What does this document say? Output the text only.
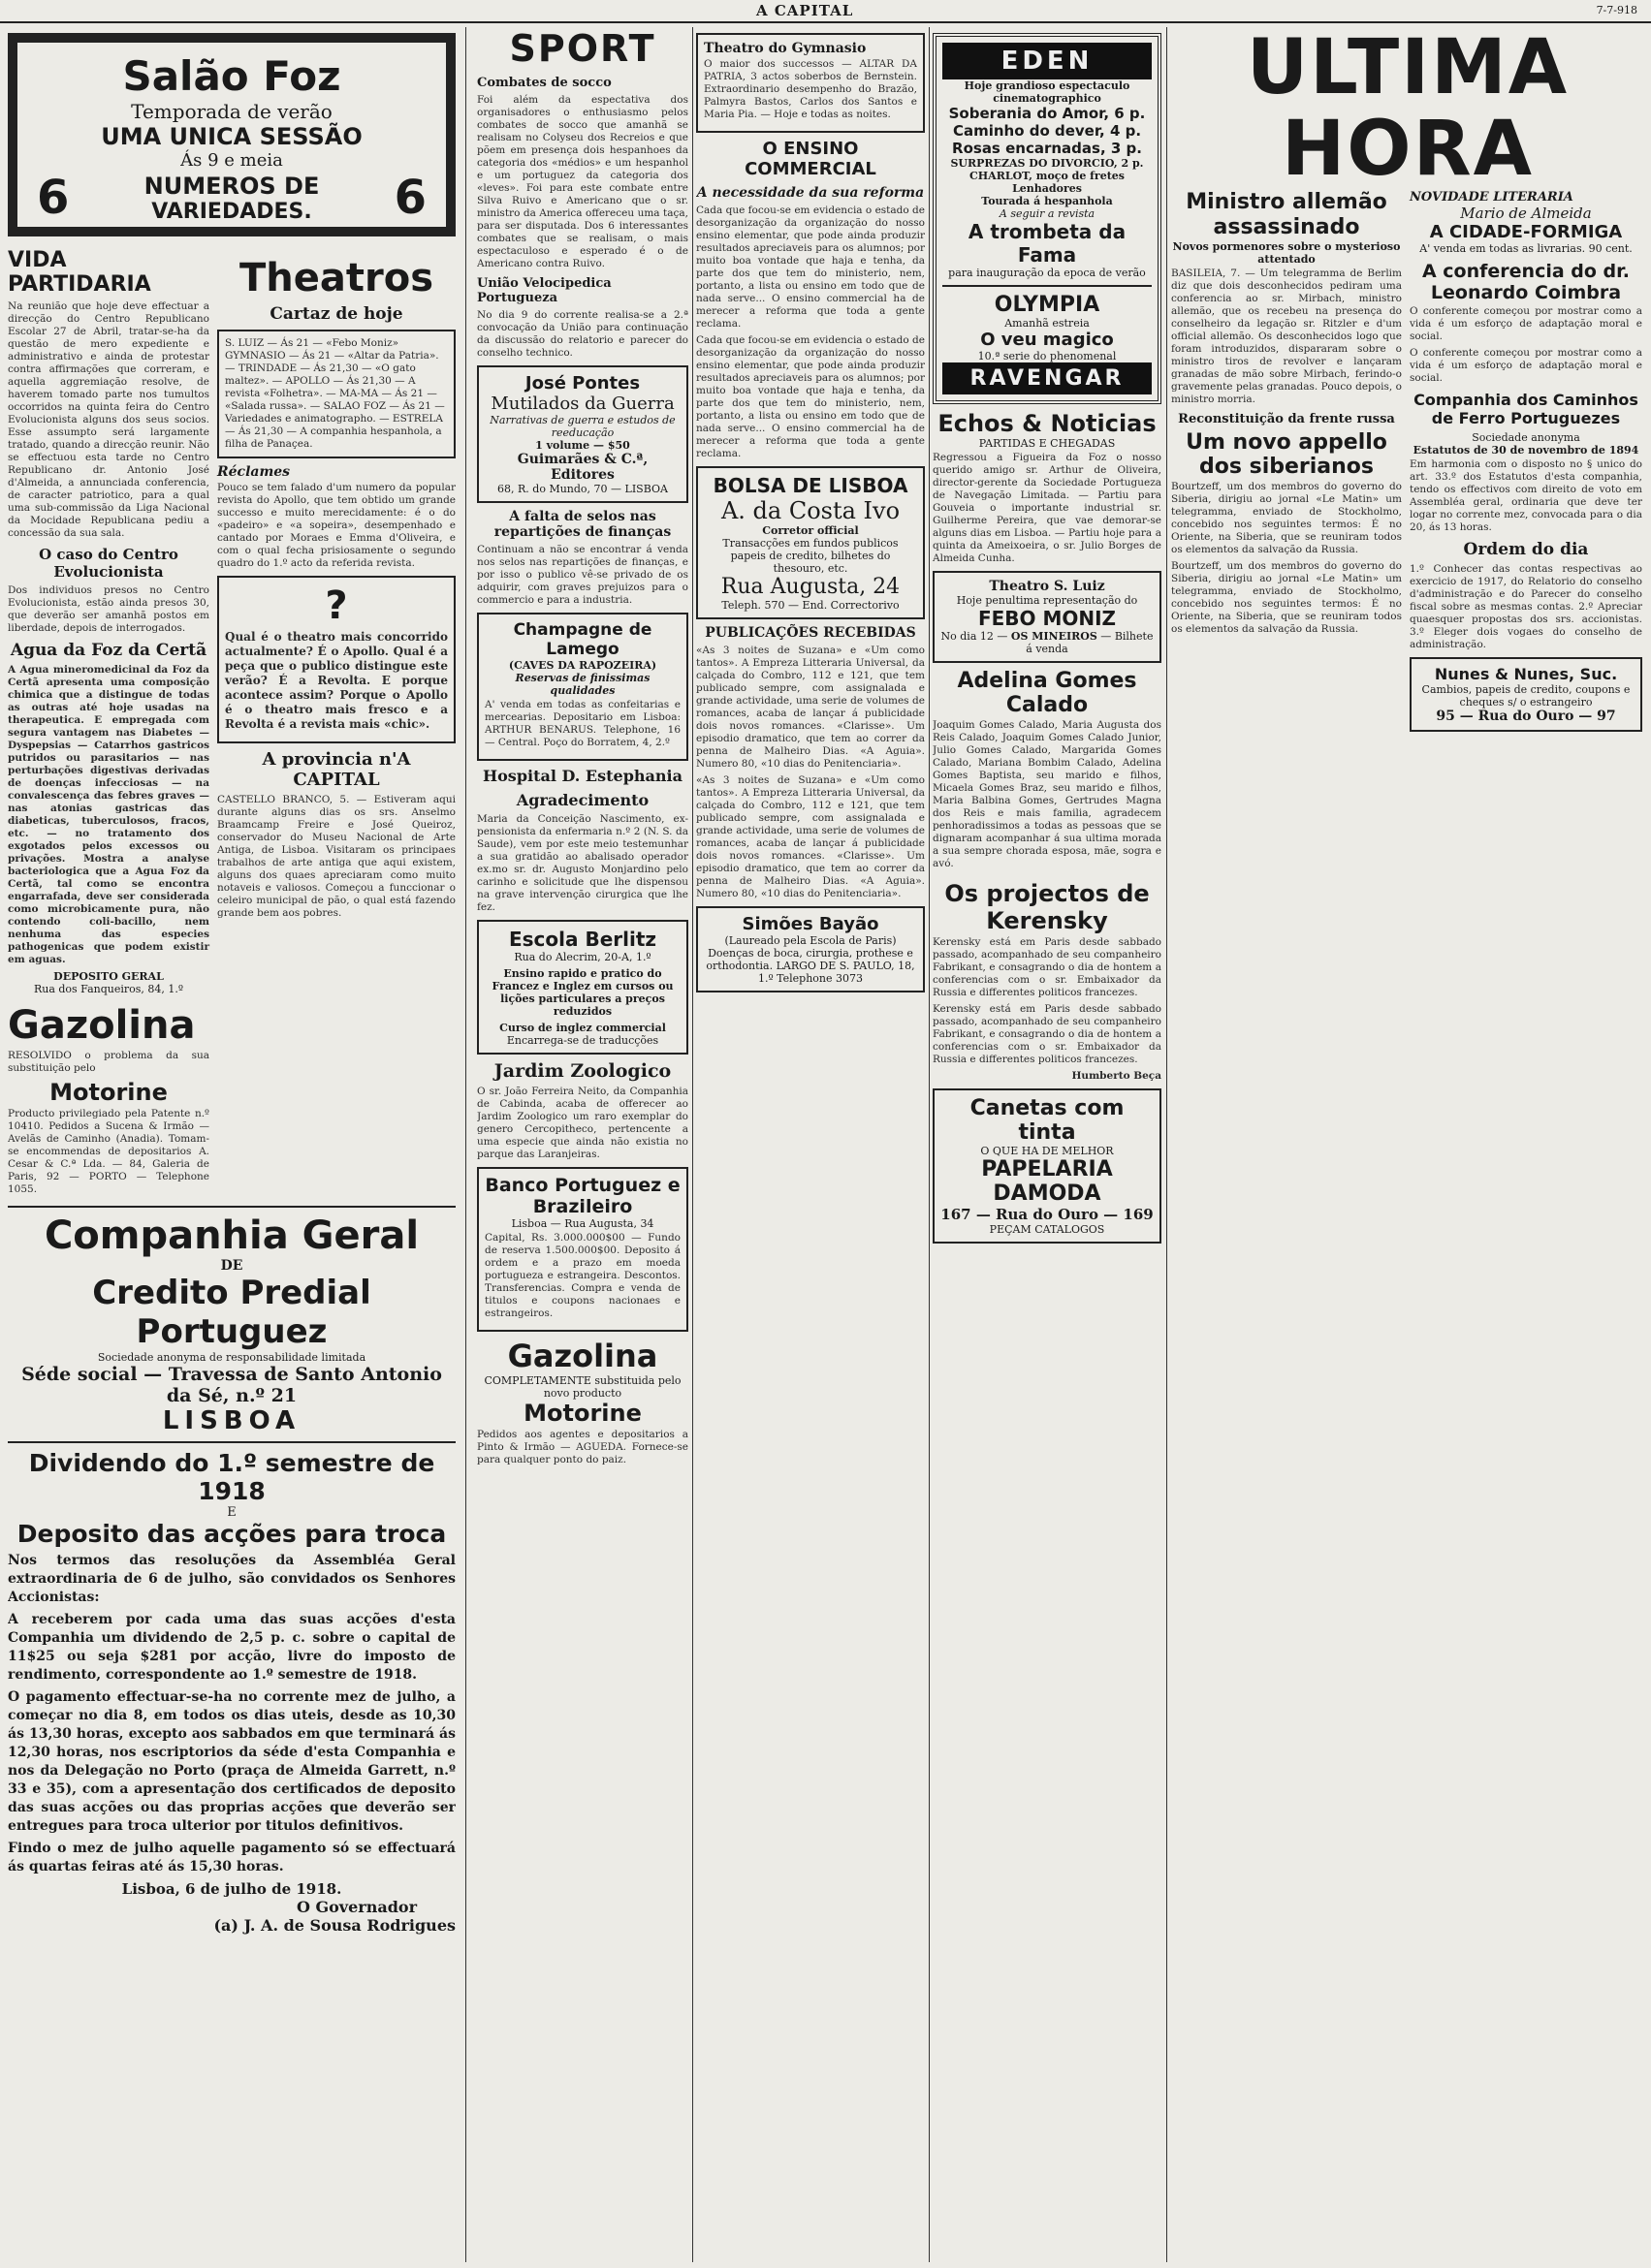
A CAPITAL	7-7-918
Salão Foz
Temporada de verão
UMA UNICA SESSÃO
Ás 9 e meia
6	NUMEROS DE
VARIEDADES. 6
VIDA PARTIDARIA
Na reunião que hoje deve effectuar a direcção do Centro Republicano Escolar 27 de Abril, tratar-se-ha da questão de mero expediente e administrativo e ainda de protestar contra affirmações que correram, e aquella aggremiação resolve, de haverem tomado parte nos tumultos occorridos na quinta feira do Centro Evolucionista alguns dos seus socios. Esse assumpto será largamente tratado, quando a direcção reunir. Não se effectuou esta tarde no Centro Republicano dr. Antonio José d'Almeida, a annunciada conferencia, de caracter patriotico, para a qual uma sub-commissão da Liga Nacional da Mocidade Republicana pediu a concessão da sua sala.
O caso do Centro Evolucionista
Dos individuos presos no Centro Evolucionista, estão ainda presos 30, que deverão ser amanhã postos em liberdade, depois de interrogados.
Agua da Foz da Certã
A Agua mineromedicinal da Foz da Certã apresenta uma composição chimica que a distingue de todas as outras até hoje usadas na therapeutica. E empregada com segura vantagem nas Diabetes — Dyspepsias — Catarrhos gastricos putridos ou parasitarios — nas perturbações digestivas derivadas de doenças infecciosas — na convalescença das febres graves — nas atonias gastricas das diabeticas, tuberculosos, fracos, etc. — no tratamento dos exgotados pelos excessos ou privações. Mostra a analyse bacteriologica que a Agua Foz da Certã, tal como se encontra engarrafada, deve ser considerada como microbicamente pura, não contendo coli-bacillo, nem nenhuma das especies pathogenicas que podem existir em aguas.
DEPOSITO GERAL
Rua dos Fanqueiros, 84, 1.º
Gazolina
RESOLVIDO o problema da sua substituição pelo
Motorine
Producto privilegiado pela Patente n.º 10410. Pedidos a Sucena & Irmão — Avelãs de Caminho (Anadia). Tomam-se encommendas de depositarios A. Cesar & C.ª Lda. — 84, Galeria de Paris, 92 — PORTO — Telephone 1055.
Theatros
Cartaz de hoje
S. LUIZ — Ás 21 — «Febo Moniz» GYMNASIO — Ás 21 — «Altar da Patria». — TRINDADE — Ás 21,30 — «O gato maltez». — APOLLO — Ás 21,30 — A revista «Folhetra». — MA-MA — Ás 21 — «Salada russa». — SALAO FOZ — Ás 21 — Variedades e animatographo. — ESTRELA — Ás 21,30 — A companhia hespanhola, a filha de Panaçea.
Réclames
Pouco se tem falado d'um numero da popular revista do Apollo, que tem obtido um grande successo e muito merecidamente: é o do «padeiro» e «a sopeira», desempenhado e cantado por Moraes e Emma d'Oliveira, e com o qual fecha prisiosamente o segundo quadro do 1.º acto da referida revista.
?
Qual é o theatro mais concorrido actualmente? É o Apollo. Qual é a peça que o publico distingue este verão? É a Revolta. E porque acontece assim? Porque o Apollo é o theatro mais fresco e a Revolta é a revista mais «chic».
A provincia n'A CAPITAL
CASTELLO BRANCO, 5. — Estiveram aqui durante alguns dias os srs. Anselmo Braamcamp Freire e José Queiroz, conservador do Museu Nacional de Arte Antiga, de Lisboa. Visitaram os principaes trabalhos de arte antiga que aqui existem, alguns dos quaes apreciaram como muito notaveis e valiosos. Começou a funccionar o celeiro municipal de pão, o qual está fazendo grande bem aos pobres.
Companhia Geral
DE
Credito Predial Portuguez
Sociedade anonyma de responsabilidade limitada
Séde social — Travessa de Santo Antonio da Sé, n.º 21
LISBOA
Dividendo do 1.º semestre de 1918
E
Deposito das acções para troca
Nos termos das resoluções da Assembléa Geral extraordinaria de 6 de julho, são convidados os Senhores Accionistas:
A receberem por cada uma das suas acções d'esta Companhia um dividendo de 2,5 p. c. sobre o capital de 11$25 ou seja $281 por acção, livre do imposto de rendimento, correspondente ao 1.º semestre de 1918.
O pagamento effectuar-se-ha no corrente mez de julho, a começar no dia 8, em todos os dias uteis, desde as 10,30 ás 13,30 horas, excepto aos sabbados em que terminará ás 12,30 horas, nos escriptorios da séde d'esta Companhia e nos da Delegação no Porto (praça de Almeida Garrett, n.º 33 e 35), com a apresentação dos certificados de deposito das suas acções ou das proprias acções que deverão ser entregues para troca ulterior por titulos definitivos.
Findo o mez de julho aquelle pagamento só se effectuará ás quartas feiras até ás 15,30 horas.
Lisboa, 6 de julho de 1918.
O Governador
(a) J. A. de Sousa Rodrigues
SPORT
Combates de socco
Foi além da espectativa dos organisadores o enthusiasmo pelos combates de socco que amanhã se realisam no Colyseu dos Recreios e que põem em presença dois hespanhoes da categoria dos «médios» e um hespanhol e um portuguez da categoria dos «leves». Foi para este combate entre Silva Ruivo e Americano que o sr. ministro da America offereceu uma taça, para ser disputada. Dos 6 interessantes combates que se realisam, o mais espectaculoso e esperado é o de Americano contra Ruivo.
União Velocipedica Portugueza
No dia 9 do corrente realisa-se a 2.ª convocação da União para continuação da discussão do relatorio e parecer do conselho technico.
José Pontes
Mutilados da Guerra
Narrativas de guerra e estudos de reeducação
1 volume — $50
Guimarães & C.ª, Editores
68, R. do Mundo, 70 — LISBOA
A falta de selos nas repartições de finanças
Continuam a não se encontrar á venda nos selos nas repartições de finanças, e por isso o publico vê-se privado de os adquirir, com graves prejuizos para o commercio e para a industria.
Champagne de Lamego
(CAVES DA RAPOZEIRA)
Reservas de finissimas qualidades
A' venda em todas as confeitarias e mercearias. Depositario em Lisboa: ARTHUR BENARUS. Telephone, 16 — Central. Poço do Borratem, 4, 2.º
Hospital D. Estephania
Agradecimento
Maria da Conceição Nascimento, ex-pensionista da enfermaria n.º 2 (N. S. da Saude), vem por este meio testemunhar a sua gratidão ao abalisado operador ex.mo sr. dr. Augusto Monjardino pelo carinho e solicitude que lhe dispensou na grave intervenção cirurgica que lhe fez.
Escola Berlitz
Rua do Alecrim, 20-A, 1.º
Ensino rapido e pratico do Francez e Inglez em cursos ou lições particulares a preços reduzidos
Curso de inglez commercial
Encarrega-se de traducções
Jardim Zoologico
O sr. João Ferreira Neito, da Companhia de Cabinda, acaba de offerecer ao Jardim Zoologico um raro exemplar do genero Cercopitheco, pertencente a uma especie que ainda não existia no parque das Laranjeiras.
Banco Portuguez e Brazileiro
Lisboa — Rua Augusta, 34
Capital, Rs. 3.000.000$00 — Fundo de reserva 1.500.000$00. Deposito á ordem e a prazo em moeda portugueza e estrangeira. Descontos. Transferencias. Compra e venda de titulos e coupons nacionaes e estrangeiros.
Gazolina
COMPLETAMENTE substituida pelo novo producto
Motorine
Pedidos aos agentes e depositarios a Pinto & Irmão — AGUEDA. Fornece-se para qualquer ponto do paiz.
Theatro do Gymnasio
O maior dos successos — ALTAR DA PATRIA, 3 actos soberbos de Bernstein. Extraordinario desempenho do Brazão, Palmyra Bastos, Carlos dos Santos e Maria Pia. — Hoje e todas as noites.
O ENSINO COMMERCIAL
A necessidade da sua reforma
Cada que focou-se em evidencia o estado de desorganização da organização do nosso ensino elementar, que pode ainda produzir resultados apreciaveis para os alumnos; por muito boa vontade que haja e tenha, da parte dos que tem do ministerio, nem, portanto, a lista ou ensino em todo que de nada serve... O ensino commercial ha de merecer a reforma que toda a gente reclama.
Cada que focou-se em evidencia o estado de desorganização da organização do nosso ensino elementar, que pode ainda produzir resultados apreciaveis para os alumnos; por muito boa vontade que haja e tenha, da parte dos que tem do ministerio, nem, portanto, a lista ou ensino em todo que de nada serve... O ensino commercial ha de merecer a reforma que toda a gente reclama.
BOLSA DE LISBOA
A. da Costa Ivo
Corretor official
Transacções em fundos publicos papeis de credito, bilhetes do thesouro, etc.
Rua Augusta, 24
Teleph. 570 — End. Correctorivo
PUBLICAÇÕES RECEBIDAS
«As 3 noites de Suzana» e «Um como tantos». A Empreza Litteraria Universal, da calçada do Combro, 112 e 121, que tem publicado sempre, com assignalada e grande actividade, uma serie de volumes de romances, acaba de lançar á publicidade dois novos romances. «Clarisse». Um episodio dramatico, que tem ao correr da penna de Malheiro Dias. «A Aguia». Numero 80, «10 dias do Penitenciaria».
«As 3 noites de Suzana» e «Um como tantos». A Empreza Litteraria Universal, da calçada do Combro, 112 e 121, que tem publicado sempre, com assignalada e grande actividade, uma serie de volumes de romances, acaba de lançar á publicidade dois novos romances. «Clarisse». Um episodio dramatico, que tem ao correr da penna de Malheiro Dias. «A Aguia». Numero 80, «10 dias do Penitenciaria».
Simões Bayão
(Laureado pela Escola de Paris) Doenças de boca, cirurgia, prothese e orthodontia. LARGO DE S. PAULO, 18, 1.º Telephone 3073
EDEN
Hoje grandioso espectaculo cinematographico
Soberania do Amor, 6 p.
Caminho do dever, 4 p.
Rosas encarnadas, 3 p.
SURPREZAS DO DIVORCIO, 2 p.
CHARLOT, moço de fretes
Lenhadores
Tourada á hespanhola
A seguir a revista
A trombeta da Fama
para inauguração da epoca de verão
OLYMPIA
Amanhã estreia
O veu magico
10.ª serie do phenomenal
RAVENGAR
Echos & Noticias
PARTIDAS E CHEGADAS
Regressou a Figueira da Foz o nosso querido amigo sr. Arthur de Oliveira, director-gerente da Sociedade Portugueza de Navegação Limitada. — Partiu para Gouveia o importante industrial sr. Guilherme Pereira, que vae demorar-se alguns dias em Lisboa. — Partiu hoje para a quinta da Ameixoeira, o sr. Julio Borges de Almeida Cunha.
Theatro S. Luiz
Hoje penultima representação do
FEBO MONIZ
No dia 12 — OS MINEIROS — Bilhete á venda
Adelina Gomes Calado
Joaquim Gomes Calado, Maria Augusta dos Reis Calado, Joaquim Gomes Calado Junior, Julio Gomes Calado, Margarida Gomes Calado, Mariana Bombim Calado, Adelina Gomes Baptista, seu marido e filhos, Micaela Gomes Braz, seu marido e filhos, Maria Balbina Gomes, Gertrudes Magna dos Reis e mais familia, agradecem penhoradissimos a todas as pessoas que se dignaram acompanhar á sua ultima morada a sua sempre chorada esposa, mãe, sogra e avó.
Os projectos de Kerensky
Kerensky está em Paris desde sabbado passado, acompanhado de seu companheiro Fabrikant, e consagrando o dia de hontem a conferencias com o sr. Embaixador da Russia e differentes politicos francezes.
Kerensky está em Paris desde sabbado passado, acompanhado de seu companheiro Fabrikant, e consagrando o dia de hontem a conferencias com o sr. Embaixador da Russia e differentes politicos francezes.
Humberto Beça
Canetas com tinta
O QUE HA DE MELHOR
PAPELARIA DAMODA
167 — Rua do Ouro — 169
PEÇAM CATALOGOS
ULTIMA HORA
Ministro allemão assassinado
Novos pormenores sobre o mysterioso attentado
BASILEIA, 7. — Um telegramma de Berlim diz que dois desconhecidos pediram uma conferencia ao sr. Mirbach, ministro allemão, que os recebeu na presença do conselheiro da legação sr. Ritzler e d'um official allemão. Os desconhecidos logo que foram introduzidos, dispararam sobre o ministro tiros de revolver e lançaram granadas de mão sobre Mirbach, ferindo-o gravemente pelas granadas. Pouco depois, o ministro morria.
Reconstituição da frente russa
Um novo appello dos siberianos
Bourtzeff, um dos membros do governo do Siberia, dirigiu ao jornal «Le Matin» um telegramma, enviado de Stockholmo, concebido nos seguintes termos: É no Oriente, na Siberia, que se reuniram todos os elementos da salvação da Russia.
Bourtzeff, um dos membros do governo do Siberia, dirigiu ao jornal «Le Matin» um telegramma, enviado de Stockholmo, concebido nos seguintes termos: É no Oriente, na Siberia, que se reuniram todos os elementos da salvação da Russia.
NOVIDADE LITERARIA
Mario de Almeida
A CIDADE-FORMIGA
A' venda em todas as livrarias. 90 cent.
A conferencia do dr. Leonardo Coimbra
O conferente começou por mostrar como a vida é um esforço de adaptação moral e social.
O conferente começou por mostrar como a vida é um esforço de adaptação moral e social.
Companhia dos Caminhos de Ferro Portuguezes
Sociedade anonyma
Estatutos de 30 de novembro de 1894
Em harmonia com o disposto no § unico do art. 33.º dos Estatutos d'esta companhia, tendo os effectivos com direito de voto em Assembléa geral, ordinaria que deve ter logar no corrente mez, convocada para o dia 20, ás 13 horas.
Ordem do dia
1.º Conhecer das contas respectivas ao exercicio de 1917, do Relatorio do conselho d'administração e do Parecer do conselho fiscal sobre as mesmas contas. 2.º Apreciar quaesquer propostas dos srs. accionistas. 3.º Eleger dois vogaes do conselho de administração.
Nunes & Nunes, Suc.
Cambios, papeis de credito, coupons e cheques s/ o estrangeiro
95 — Rua do Ouro — 97
